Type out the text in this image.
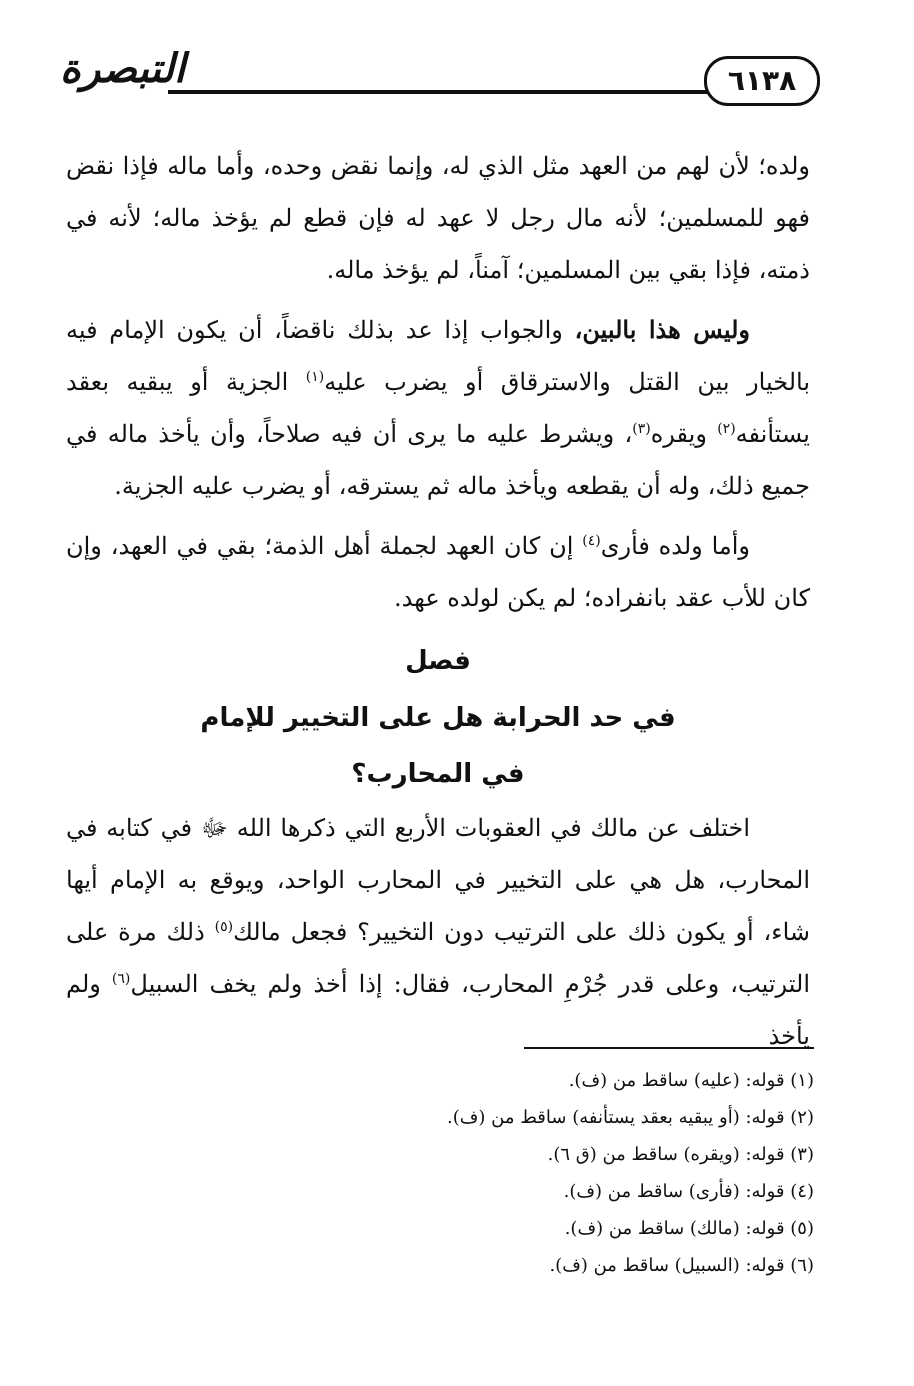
التبصرة	٦١٣٨

ولده؛ لأن لهم من العهد مثل الذي له، وإنما نقض وحده، وأما ماله فإذا نقض فهو للمسلمين؛ لأنه مال رجل لا عهد له فإن قطع لم يؤخذ ماله؛ لأنه في ذمته، فإذا بقي بين المسلمين؛ آمناً، لم يؤخذ ماله.

وليس هذا بالبين، والجواب إذا عد بذلك ناقضاً، أن يكون الإمام فيه بالخيار بين القتل والاسترقاق أو يضرب عليه$^{(١)}$ الجزية أو يبقيه بعقد يستأنفه$^{(٢)}$ ويقره$^{(٣)}$، ويشرط عليه ما يرى أن فيه صلاحاً، وأن يأخذ ماله في جميع ذلك، وله أن يقطعه ويأخذ ماله ثم يسترقه، أو يضرب عليه الجزية.

وأما ولده فأرى$^{(٤)}$ إن كان العهد لجملة أهل الذمة؛ بقي في العهد، وإن كان للأب عقد بانفراده؛ لم يكن لولده عهد.

فصل
في حد الحرابة هل على التخيير للإمام
في المحارب؟

اختلف عن مالك في العقوبات الأربع التي ذكرها الله ﷻ في كتابه في المحارب، هل هي على التخيير في المحارب الواحد، ويوقع به الإمام أيها شاء، أو يكون ذلك على الترتيب دون التخيير؟ فجعل مالك$^{(٥)}$ ذلك مرة على الترتيب، وعلى قدر جُرْمِ المحارب، فقال: إذا أخذ ولم يخف السبيل$^{(٦)}$ ولم يأخذ

(١) قوله: (عليه) ساقط من (ف).
(٢) قوله: (أو يبقيه بعقد يستأنفه) ساقط من (ف).
(٣) قوله: (ويقره) ساقط من (ق ٦).
(٤) قوله: (فأرى) ساقط من (ف).
(٥) قوله: (مالك) ساقط من (ف).
(٦) قوله: (السبيل) ساقط من (ف).
